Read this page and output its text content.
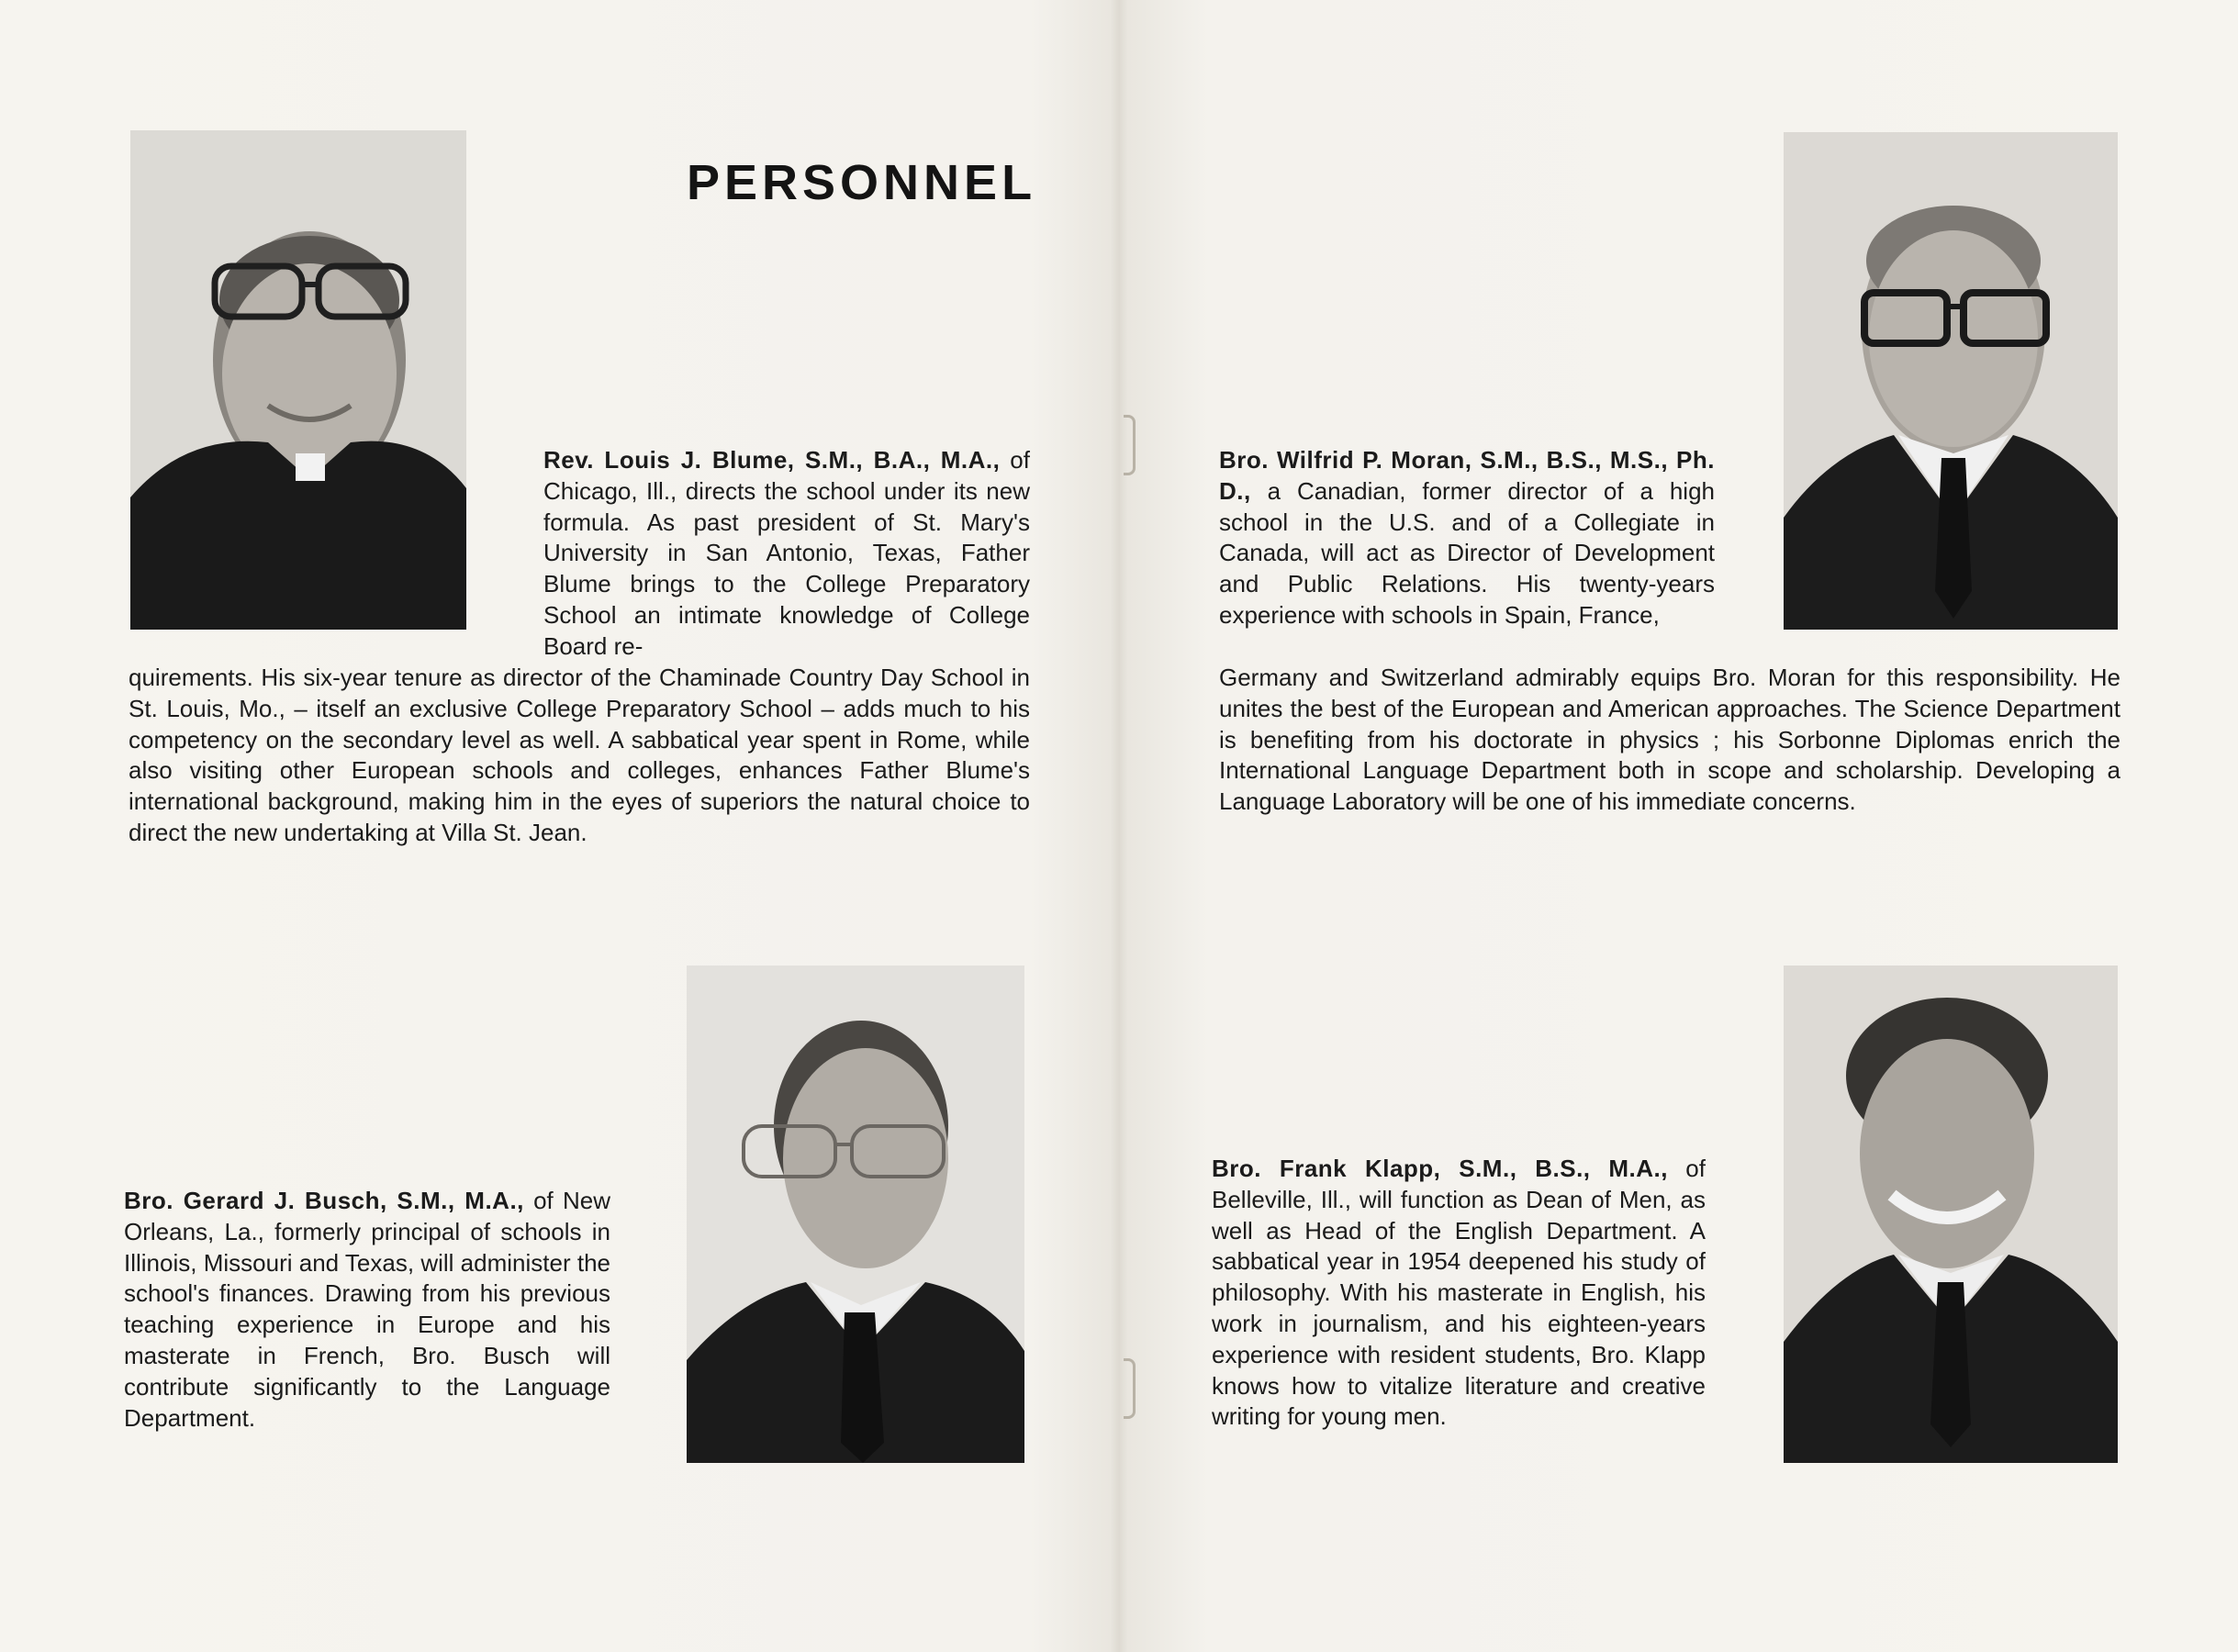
PERSONNEL

Rev. Louis J. Blume, S.M., B.A., M.A., of Chicago, Ill., directs the school under its new formula. As past president of St. Mary's University in San Antonio, Texas, Father Blume brings to the College Preparatory School an intimate knowledge of College Board re-

quirements. His six-year tenure as director of the Chaminade Country Day School in St. Louis, Mo., – itself an exclusive College Preparatory School – adds much to his competency on the secondary level as well. A sabbatical year spent in Rome, while also visiting other European schools and colleges, enhances Father Blume's international background, making him in the eyes of superiors the natural choice to direct the new undertaking at Villa St. Jean.

Bro. Wilfrid P. Moran, S.M., B.S., M.S., Ph. D., a Canadian, former director of a high school in the U.S. and of a Collegiate in Canada, will act as Director of Development and Public Relations. His twenty-years experience with schools in Spain, France,

Germany and Switzerland admirably equips Bro. Moran for this responsibility. He unites the best of the European and American approaches. The Science Department is benefiting from his doctorate in physics ; his Sorbonne Diplomas enrich the International Language Department both in scope and scholarship. Developing a Language Laboratory will be one of his immediate concerns.

Bro. Gerard J. Busch, S.M., M.A., of New Orleans, La., formerly principal of schools in Illinois, Missouri and Texas, will administer the school's finances. Drawing from his previous teaching experience in Europe and his masterate in French, Bro. Busch will contribute significantly to the Language Department.

Bro. Frank Klapp, S.M., B.S., M.A., of Belleville, Ill., will function as Dean of Men, as well as Head of the English Department. A sabbatical year in 1954 deepened his study of philosophy. With his masterate in English, his work in journalism, and his eighteen-years experience with resident students, Bro. Klapp knows how to vitalize literature and creative writing for young men.
